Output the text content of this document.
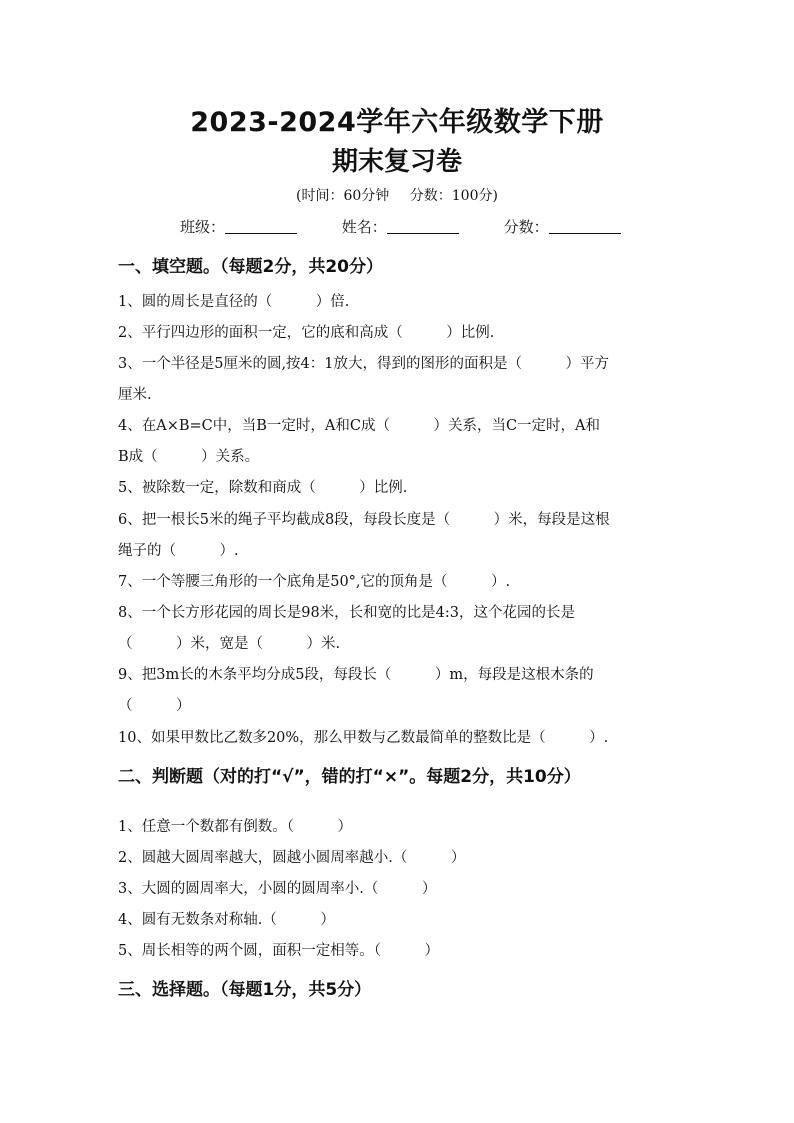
2023-2024学年六年级数学下册
期末复习卷
(时间：60分钟 分数：100分)
班级：	姓名：	分数：
一、填空题。（每题2分，共20分）
1、圆的周长是直径的（　　　）倍.
2、平行四边形的面积一定，它的底和高成（　　　）比例.
3、一个半径是5厘米的圆,按4：1放大，得到的图形的面积是（　　　）平方
厘米.
4、在A×B=C中，当B一定时，A和C成（　　　）关系，当C一定时，A和
B成（　　　）关系。
5、被除数一定，除数和商成（　　　）比例.
6、把一根长5米的绳子平均截成8段，每段长度是（　　　）米，每段是这根
绳子的（　　　）.
7、一个等腰三角形的一个底角是50°,它的顶角是（　　　）.
8、一个长方形花园的周长是98米，长和宽的比是4:3，这个花园的长是
（　　　）米，宽是（　　　）米.
9、把3m长的木条平均分成5段，每段长（　　　）m，每段是这根木条的
（　　　）
10、如果甲数比乙数多20%，那么甲数与乙数最简单的整数比是（　　　）.
二、判断题（对的打“√”，错的打“×”。每题2分，共10分）
1、任意一个数都有倒数。（　　　）
2、圆越大圆周率越大，圆越小圆周率越小.（　　　）
3、大圆的圆周率大，小圆的圆周率小.（　　　）
4、圆有无数条对称轴.（　　　）
5、周长相等的两个圆，面积一定相等。（　　　）
三、选择题。（每题1分，共5分）
